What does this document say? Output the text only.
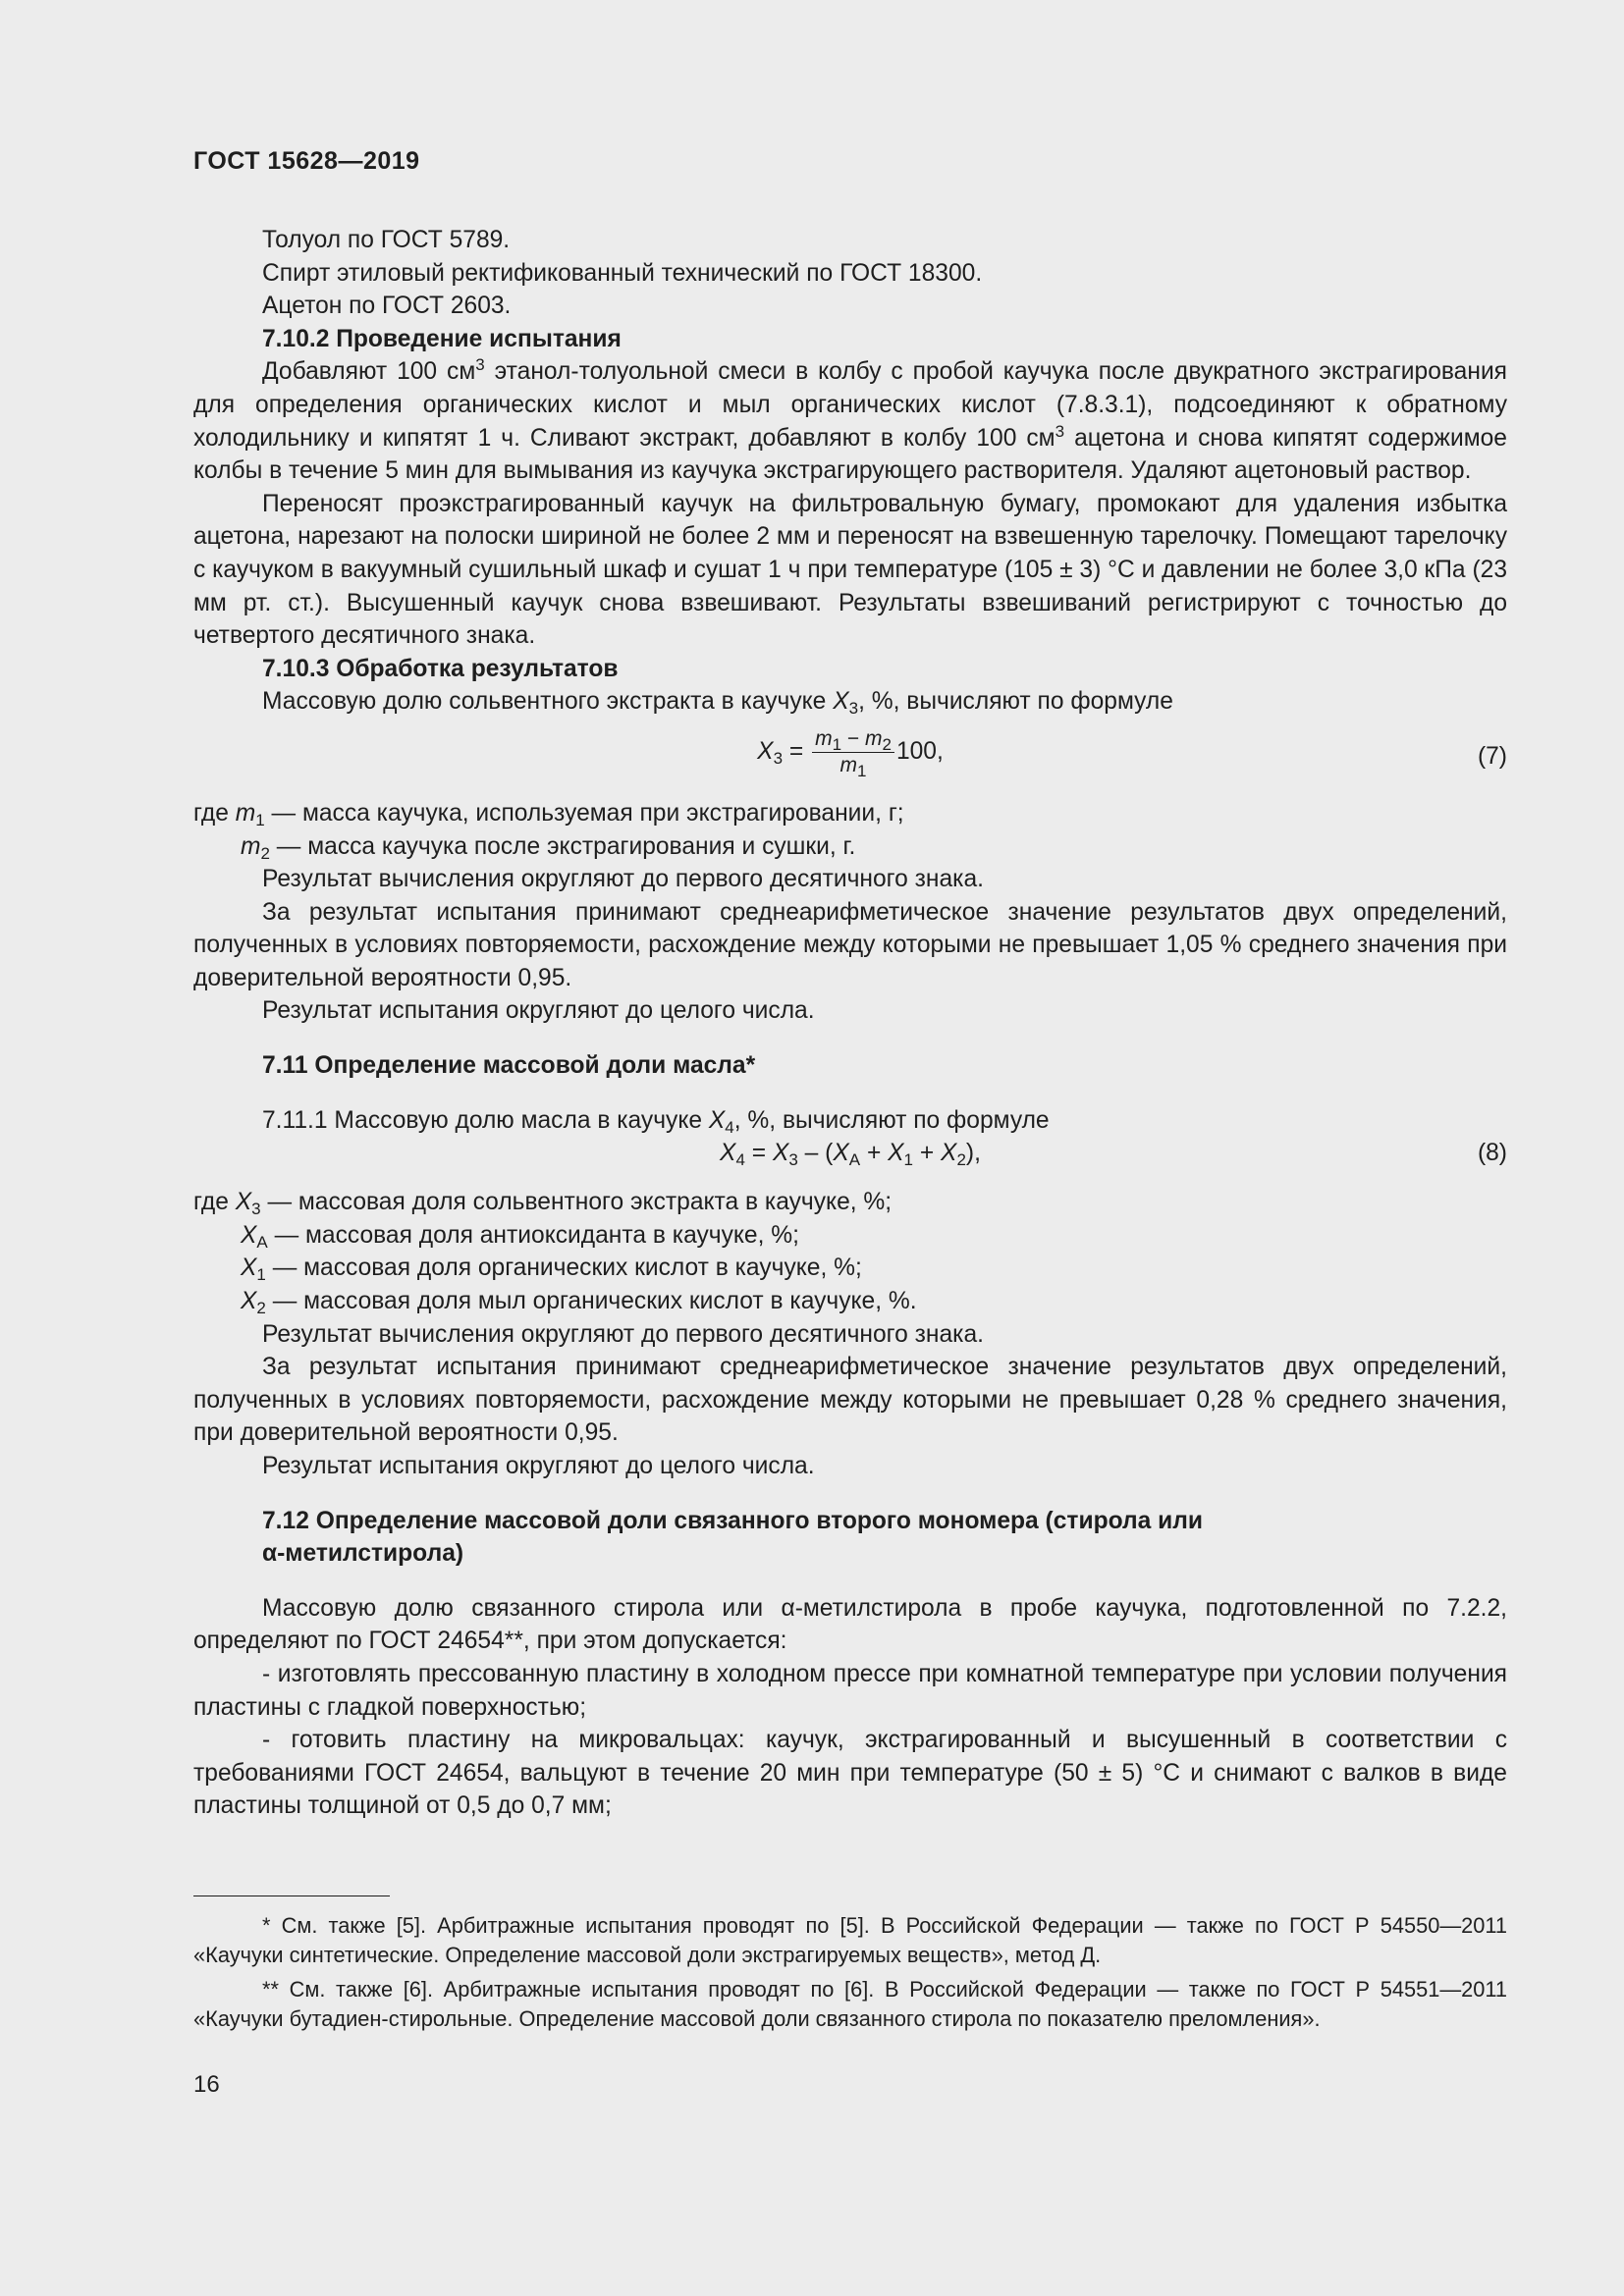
ГОСТ 15628—2019

Толуол по ГОСТ 5789.

Спирт этиловый ректификованный технический по ГОСТ 18300.

Ацетон по ГОСТ 2603.

7.10.2 Проведение испытания

Добавляют 100 $см^3$ этанол-толуольной смеси в колбу с пробой каучука после двукратного экстрагирования для определения органических кислот и мыл органических кислот (7.8.3.1), подсоединяют к обратному холодильнику и кипятят 1 ч. Сливают экстракт, добавляют в колбу 100 $см^3$ ацетона и снова кипятят содержимое колбы в течение 5 мин для вымывания из каучука экстрагирующего растворителя. Удаляют ацетоновый раствор.

Переносят проэкстрагированный каучук на фильтровальную бумагу, промокают для удаления избытка ацетона, нарезают на полоски шириной не более 2 мм и переносят на взвешенную тарелочку. Помещают тарелочку с каучуком в вакуумный сушильный шкаф и сушат 1 ч при температуре (105 ± 3) °C и давлении не более 3,0 кПа (23 мм рт. ст.). Высушенный каучук снова взвешивают. Результаты взвешиваний регистрируют с точностью до четвертого десятичного знака.

7.10.3 Обработка результатов

Массовую долю сольвентного экстракта в каучуке $X_3$, %, вычисляют по формуле

$X_3 = \frac{m_1 - m_2}{m_1} 100$,	(7)

где $m_1$ — масса каучука, используемая при экстрагировании, г;

$m_2$ — масса каучука после экстрагирования и сушки, г.

Результат вычисления округляют до первого десятичного знака.

За результат испытания принимают среднеарифметическое значение результатов двух определений, полученных в условиях повторяемости, расхождение между которыми не превышает 1,05 % среднего значения при доверительной вероятности 0,95.

Результат испытания округляют до целого числа.

7.11 Определение массовой доли масла*

7.11.1 Массовую долю масла в каучуке $X_4$, %, вычисляют по формуле

$X_4 = X_3 - (X_A + X_1 + X_2)$,	(8)

где $X_3$ — массовая доля сольвентного экстракта в каучуке, %;

$X_A$ — массовая доля антиоксиданта в каучуке, %;

$X_1$ — массовая доля органических кислот в каучуке, %;

$X_2$ — массовая доля мыл органических кислот в каучуке, %.

Результат вычисления округляют до первого десятичного знака.

За результат испытания принимают среднеарифметическое значение результатов двух определений, полученных в условиях повторяемости, расхождение между которыми не превышает 0,28 % среднего значения, при доверительной вероятности 0,95.

Результат испытания округляют до целого числа.

7.12 Определение массовой доли связанного второго мономера (стирола или

α-метилстирола)

Массовую долю связанного стирола или α-метилстирола в пробе каучука, подготовленной по 7.2.2, определяют по ГОСТ 24654**, при этом допускается:

- изготовлять прессованную пластину в холодном прессе при комнатной температуре при условии получения пластины с гладкой поверхностью;

- готовить пластину на микровальцах: каучук, экстрагированный и высушенный в соответствии с требованиями ГОСТ 24654, вальцуют в течение 20 мин при температуре (50 ± 5) °C и снимают с валков в виде пластины толщиной от 0,5 до 0,7 мм;

* См. также [5]. Арбитражные испытания проводят по [5]. В Российской Федерации — также по ГОСТ Р 54550—2011 «Каучуки синтетические. Определение массовой доли экстрагируемых веществ», метод Д.

** См. также [6]. Арбитражные испытания проводят по [6]. В Российской Федерации — также по ГОСТ Р 54551—2011 «Каучуки бутадиен-стирольные. Определение массовой доли связанного стирола по показателю преломления».

16
